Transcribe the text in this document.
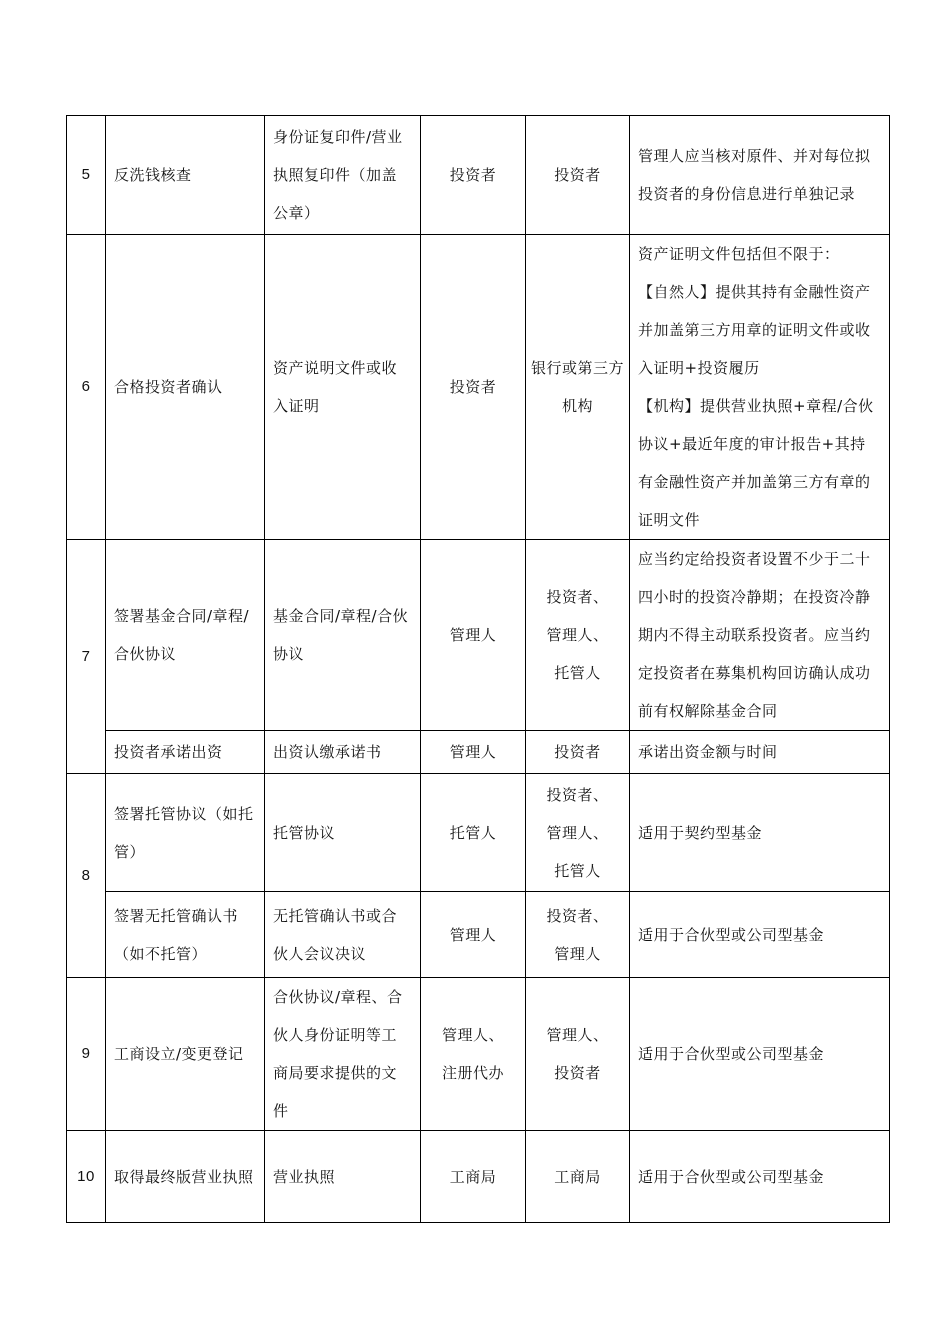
5	反洗钱核查	身份证复印件/营业执照复印件（加盖公章）	投资者	投资者	管理人应当核对原件、并对每位拟投资者的身份信息进行单独记录
6	合格投资者确认	资产说明文件或收入证明	投资者	银行或第三方机构	资产证明文件包括但不限于：
【自然人】提供其持有金融性资产并加盖第三方用章的证明文件或收入证明+投资履历
【机构】提供营业执照+章程/合伙协议+最近年度的审计报告+其持有金融性资产并加盖第三方有章的证明文件

7	签署基金合同/章程/合伙协议	基金合同/章程/合伙协议	管理人	投资者、
管理人、
托管人	应当约定给投资者设置不少于二十四小时的投资冷静期；在投资冷静期内不得主动联系投资者。应当约定投资者在募集机构回访确认成功前有权解除基金合同
	投资者承诺出资	出资认缴承诺书	管理人	投资者	承诺出资金额与时间
8	签署托管协议（如托管）	托管协议	托管人	投资者、
管理人、
托管人	适用于契约型基金
	签署无托管确认书（如不托管）	无托管确认书或合伙人会议决议	管理人	投资者、
管理人	适用于合伙型或公司型基金
9	工商设立/变更登记	合伙协议/章程、合伙人身份证明等工商局要求提供的文件	管理人、
注册代办	管理人、
投资者	适用于合伙型或公司型基金
10	取得最终版营业执照	营业执照	工商局	工商局	适用于合伙型或公司型基金
